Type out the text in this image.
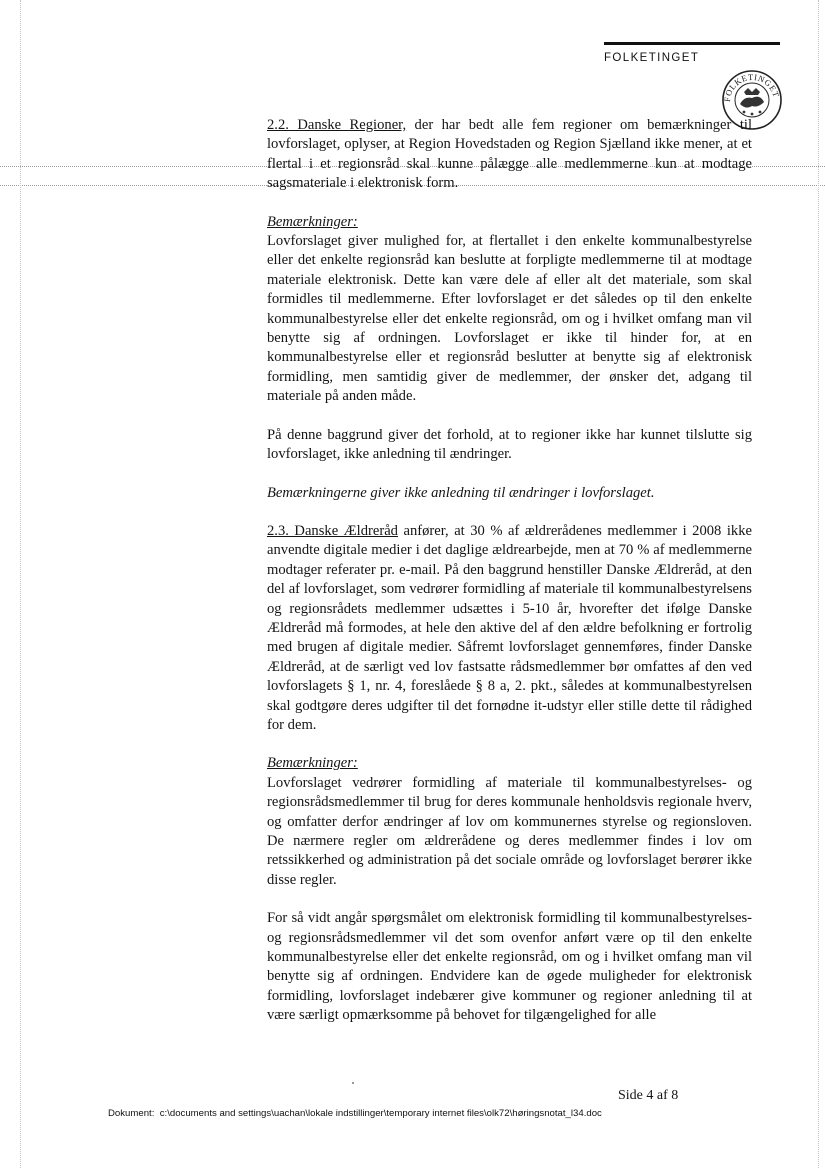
FOLKETINGET
FOLKETINGET

2.2. Danske Regioner, der har bedt alle fem regioner om bemærkninger til lovforslaget, oplyser, at Region Hovedstaden og Region Sjælland ikke mener, at et flertal i et regionsråd skal kunne pålægge alle medlemmerne kun at modtage sagsmateriale i elektronisk form.

Bemærkninger:

Lovforslaget giver mulighed for, at flertallet i den enkelte kommunalbestyrelse eller det enkelte regionsråd kan beslutte at forpligte medlemmerne til at modtage materiale elektronisk. Dette kan være dele af eller alt det materiale, som skal formidles til medlemmerne. Efter lovforslaget er det således op til den enkelte kommunalbestyrelse eller det enkelte regionsråd, om og i hvilket omfang man vil benytte sig af ordningen. Lovforslaget er ikke til hinder for, at en kommunalbestyrelse eller et regionsråd beslutter at benytte sig af elektronisk formidling, men samtidig giver de medlemmer, der ønsker det, adgang til materiale på anden måde.

På denne baggrund giver det forhold, at to regioner ikke har kunnet tilslutte sig lovforslaget, ikke anledning til ændringer.

Bemærkningerne giver ikke anledning til ændringer i lovforslaget.

2.3. Danske Ældreråd anfører, at 30 % af ældrerådenes medlemmer i 2008 ikke anvendte digitale medier i det daglige ældrearbejde, men at 70 % af medlemmerne modtager referater pr. e-mail. På den baggrund henstiller Danske Ældreråd, at den del af lovforslaget, som vedrører formidling af materiale til kommunalbestyrelsens og regionsrådets medlemmer udsættes i 5-10 år, hvorefter det ifølge Danske Ældreråd må formodes, at hele den aktive del af den ældre befolkning er fortrolig med brugen af digitale medier. Såfremt lovforslaget gennemføres, finder Danske Ældreråd, at de særligt ved lov fastsatte rådsmedlemmer bør omfattes af den ved lovforslagets § 1, nr. 4, foreslåede § 8 a, 2. pkt., således at kommunalbestyrelsen skal godtgøre deres udgifter til det fornødne it-udstyr eller stille dette til rådighed for dem.

Bemærkninger:

Lovforslaget vedrører formidling af materiale til kommunalbestyrelses- og regionsrådsmedlemmer til brug for deres kommunale henholdsvis regionale hverv, og omfatter derfor ændringer af lov om kommunernes styrelse og regionsloven. De nærmere regler om ældrerådene og deres medlemmer findes i lov om retssikkerhed og administration på det sociale område og lovforslaget berører ikke disse regler.

For så vidt angår spørgsmålet om elektronisk formidling til kommunalbestyrelses- og regionsrådsmedlemmer vil det som ovenfor anført være op til den enkelte kommunalbestyrelse eller det enkelte regionsråd, om og i hvilket omfang man vil benytte sig af ordningen. Endvidere kan de øgede muligheder for elektronisk formidling, lovforslaget indebærer give kommuner og regioner anledning til at være særligt opmærksomme på behovet for tilgængelighed for alle

Side 4 af 8
Dokument: c:\documents and settings\uachan\lokale indstillinger\temporary internet files\olk72\høringsnotat_l34.doc
